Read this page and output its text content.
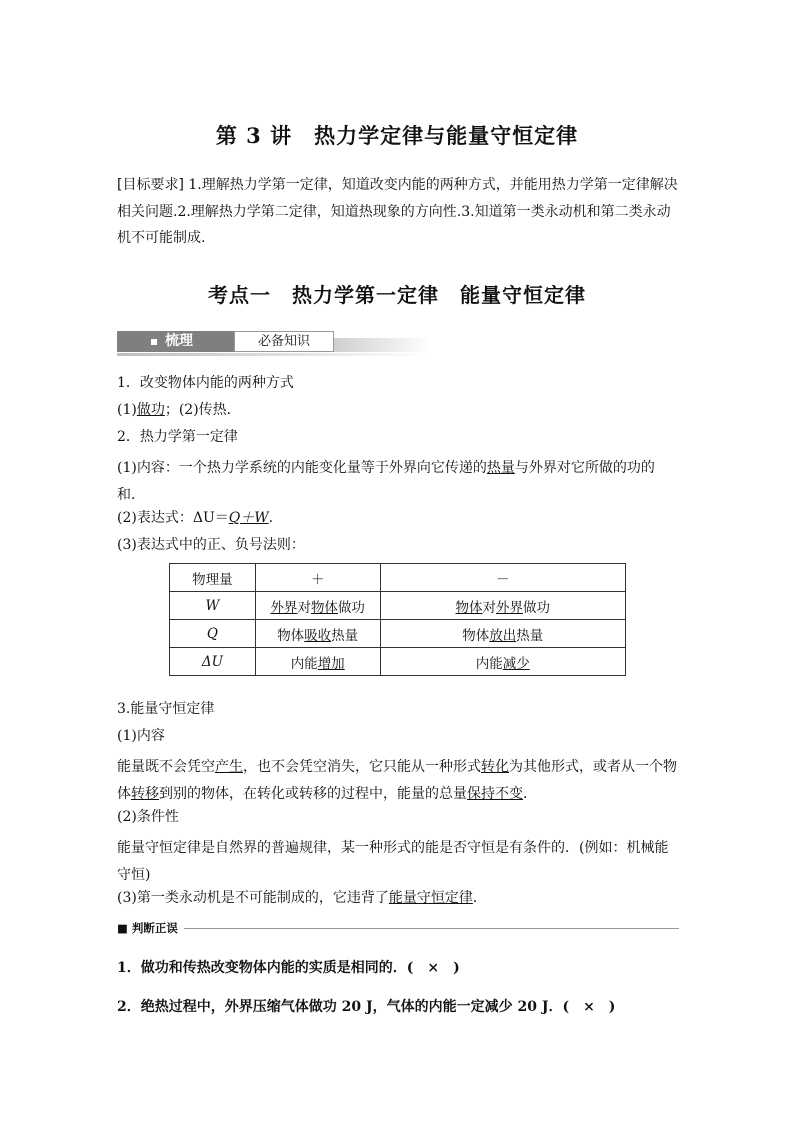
第 3 讲　热力学定律与能量守恒定律
[目标要求] 1.理解热力学第一定律，知道改变内能的两种方式，并能用热力学第一定律解决相关问题.2.理解热力学第二定律，知道热现象的方向性.3.知道第一类永动机和第二类永动机不可能制成.
考点一　热力学第一定律　能量守恒定律
梳理	必备知识
1．改变物体内能的两种方式
(1)做功；(2)传热．
2．热力学第一定律
(1)内容：一个热力学系统的内能变化量等于外界向它传递的热量与外界对它所做的功的和．
(2)表达式：ΔU＝Q＋W.
(3)表达式中的正、负号法则：
物理量	＋	－
W	外界对物体做功	物体对外界做功
Q	物体吸收热量	物体放出热量
ΔU	内能增加	内能减少
3.能量守恒定律
(1)内容
能量既不会凭空产生，也不会凭空消失，它只能从一种形式转化为其他形式，或者从一个物体转移到别的物体，在转化或转移的过程中，能量的总量保持不变．
(2)条件性
能量守恒定律是自然界的普遍规律，某一种形式的能是否守恒是有条件的．(例如：机械能守恒)
(3)第一类永动机是不可能制成的，它违背了能量守恒定律．
■ 判断正误
1．做功和传热改变物体内能的实质是相同的．(　×　)
2．绝热过程中，外界压缩气体做功 20 J，气体的内能一定减少 20 J．(　×　)
